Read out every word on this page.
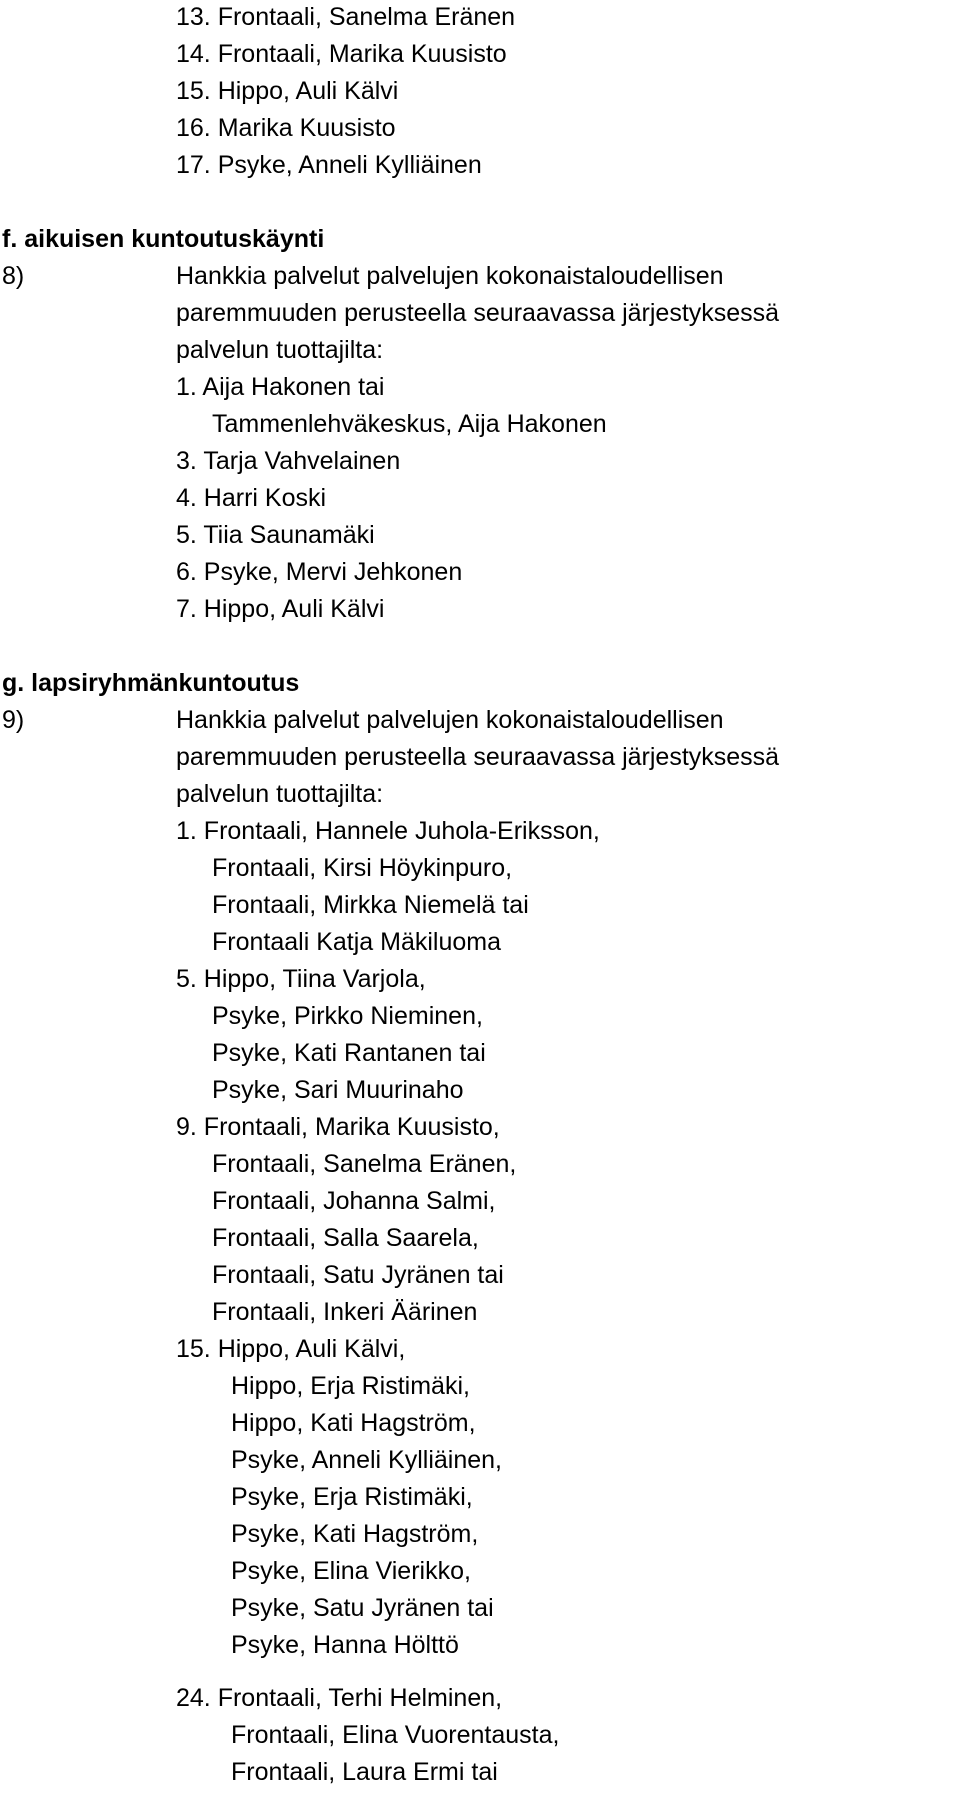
13. Frontaali, Sanelma Eränen
14. Frontaali, Marika Kuusisto
15. Hippo, Auli Kälvi
16. Marika Kuusisto
17. Psyke, Anneli Kylliäinen
f. aikuisen kuntoutuskäynti
8)	Hankkia palvelut palvelujen kokonaistaloudellisen
paremmuuden perusteella seuraavassa järjestyksessä
palvelun tuottajilta:
1. Aija Hakonen tai
Tammenlehväkeskus, Aija Hakonen
3. Tarja Vahvelainen
4. Harri Koski
5. Tiia Saunamäki
6. Psyke, Mervi Jehkonen
7. Hippo, Auli Kälvi
g. lapsiryhmänkuntoutus
9)	Hankkia palvelut palvelujen kokonaistaloudellisen
paremmuuden perusteella seuraavassa järjestyksessä
palvelun tuottajilta:
1. Frontaali, Hannele Juhola-Eriksson,
Frontaali, Kirsi Höykinpuro,
Frontaali, Mirkka Niemelä tai
Frontaali Katja Mäkiluoma
5. Hippo, Tiina Varjola,
Psyke, Pirkko Nieminen,
Psyke, Kati Rantanen tai
Psyke, Sari Muurinaho
9. Frontaali, Marika Kuusisto,
Frontaali, Sanelma Eränen,
Frontaali, Johanna Salmi,
Frontaali, Salla Saarela,
Frontaali, Satu Jyränen tai
Frontaali, Inkeri Äärinen
15. Hippo, Auli Kälvi,
Hippo, Erja Ristimäki,
Hippo, Kati Hagström,
Psyke, Anneli Kylliäinen,
Psyke, Erja Ristimäki,
Psyke, Kati Hagström,
Psyke, Elina Vierikko,
Psyke, Satu Jyränen tai
Psyke, Hanna Hölttö
24. Frontaali, Terhi Helminen,
Frontaali, Elina Vuorentausta,
Frontaali, Laura Ermi tai
